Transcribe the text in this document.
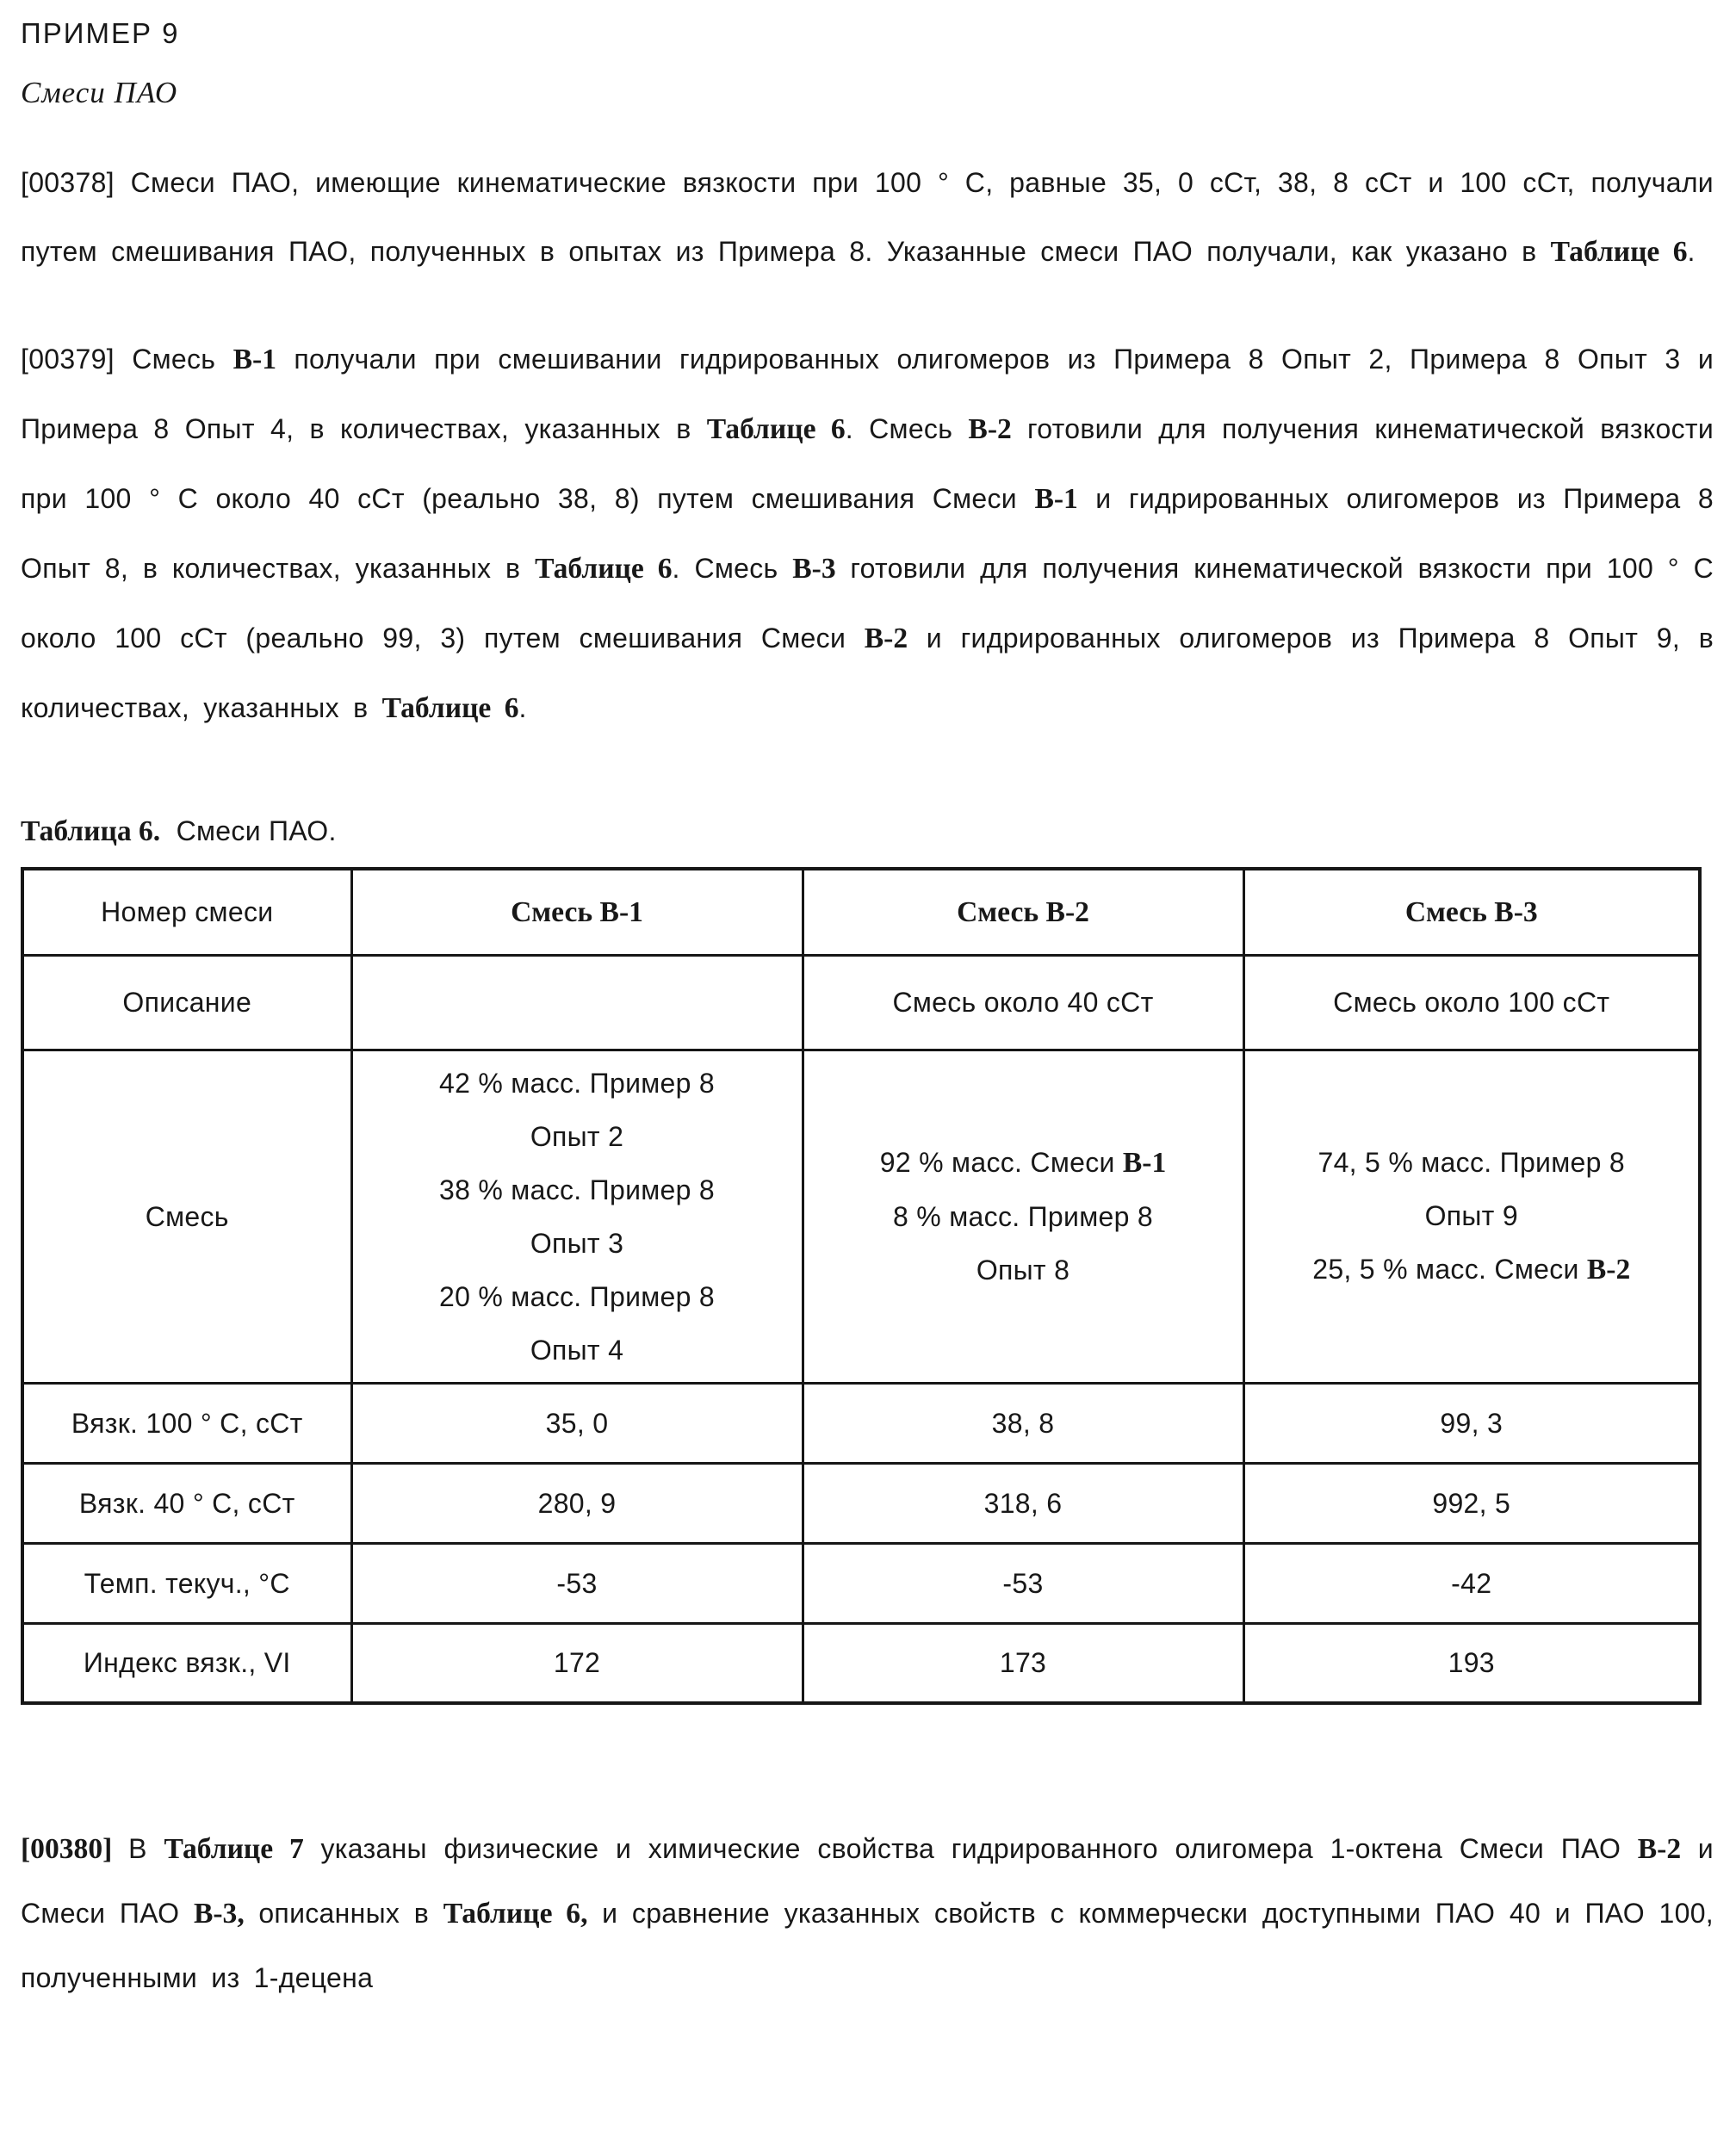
ПРИМЕР 9
Смеси ПАО

[00378] Смеси ПАО, имеющие кинематические вязкости при 100 ° С, равные 35, 0 сСт, 38, 8 сСт и 100 сСт, получали путем смешивания ПАО, полученных в опытах из Примера 8. Указанные смеси ПАО получали, как указано в Таблице 6.

[00379] Смесь В-1 получали при смешивании гидрированных олигомеров из Примера 8 Опыт 2, Примера 8 Опыт 3 и Примера 8 Опыт 4, в количествах, указанных в Таблице 6. Смесь В-2 готовили для получения кинематической вязкости при 100 ° С около 40 сСт (реально 38, 8) путем смешивания Смеси В-1 и гидрированных олигомеров из Примера 8 Опыт 8, в количествах, указанных в Таблице 6. Смесь В-3 готовили для получения кинематической вязкости при 100 ° С около 100 сСт (реально 99, 3) путем смешивания Смеси В-2 и гидрированных олигомеров из Примера 8 Опыт 9, в количествах, указанных в Таблице 6.

Таблица 6.  Смеси ПАО.
Номер смеси	Смесь В-1	Смесь В-2	Смесь В-3
Описание		Смесь около 40 сСт	Смесь около 100 сСт
Смесь	42 % масс. Пример 8
Опыт 2
38 % масс. Пример 8
Опыт 3
20 % масс. Пример 8
Опыт 4	92 % масс. Смеси В-1
8 % масс. Пример 8
Опыт 8	74, 5 % масс. Пример 8
Опыт 9
25, 5 % масс. Смеси В-2
Вязк. 100 ° С, сСт	35, 0	38, 8	99, 3
Вязк. 40 ° С, сСт	280, 9	318, 6	992, 5
Темп. текуч., °С	-53	-53	-42
Индекс вязк., VI	172	173	193

[00380] В Таблице 7 указаны физические и химические свойства гидрированного олигомера 1-октена Смеси ПАО В-2 и Смеси ПАО В-3, описанных в Таблице 6, и сравнение указанных свойств с коммерчески доступными ПАО 40 и ПАО 100, полученными из 1-децена
